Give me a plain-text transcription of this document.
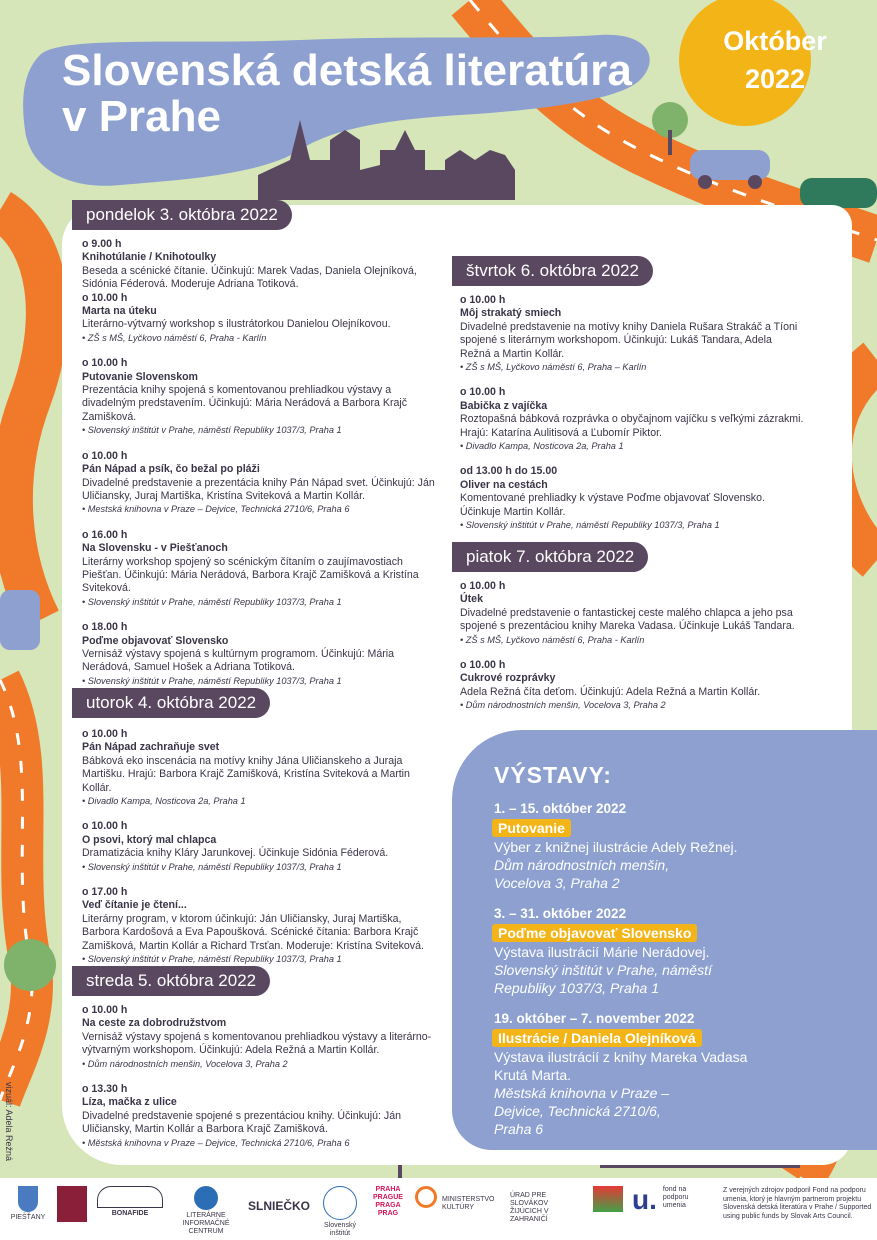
Slovenská detská literatúra
v Prahe
Október
2022
pondelok 3. októbra 2022
o 9.00 h
Knihotúlanie / Knihotoulky
Beseda a scénické čítanie. Účinkujú: Marek Vadas, Daniela Olejníková, Sidónia Féderová. Moderuje Adriana Totiková.
o 10.00 h
Marta na úteku
Literárno-výtvarný workshop s ilustrátorkou Danielou Olejníkovou.
• ZŠ s MŠ, Lyčkovo náměstí 6, Praha - Karlín
o 10.00 h
Putovanie Slovenskom
Prezentácia knihy spojená s komentovanou prehliadkou výstavy a divadelným predstavením. Účinkujú: Mária Nerádová a Barbora Krajč Zamišková.
• Slovenský inštitút v Prahe, náměstí Republiky 1037/3, Praha 1
o 10.00 h
Pán Nápad a psík, čo bežal po pláži
Divadelné predstavenie a prezentácia knihy Pán Nápad svet. Účinkujú: Ján Uličiansky, Juraj Martiška, Kristína Sviteková a Martin Kollár.
• Mestská knihovna v Praze – Dejvice, Technická 2710/6, Praha 6
o 16.00 h
Na Slovensku - v Piešťanoch
Literárny workshop spojený so scénickým čítaním o zaujímavostiach Piešťan. Účinkujú: Mária Nerádová, Barbora Krajč Zamišková a Kristína Sviteková.
• Slovenský inštitút v Prahe, náměstí Republiky 1037/3, Praha 1
o 18.00 h
Poďme objavovať Slovensko
Vernisáž výstavy spojená s kultúrnym programom. Účinkujú: Mária Nerádová, Samuel Hošek a Adriana Totiková.
• Slovenský inštitút v Prahe, náměstí Republiky 1037/3, Praha 1
utorok 4. októbra 2022
o 10.00 h
Pán Nápad zachraňuje svet
Bábková eko inscenácia na motívy knihy Jána Uličianskeho a Juraja Martišku. Hrajú: Barbora Krajč Zamišková, Kristína Sviteková a Martin Kollár.
• Divadlo Kampa, Nosticova 2a, Praha 1
o 10.00 h
O psovi, ktorý mal chlapca
Dramatizácia knihy Kláry Jarunkovej. Účinkuje Sidónia Féderová.
• Slovenský inštitút v Prahe, náměstí Republiky 1037/3, Praha 1
o 17.00 h
Veď čítanie je čtení...
Literárny program, v ktorom účinkujú: Ján Uličiansky, Juraj Martiška, Barbora Kardošová a Eva Papoušková. Scénické čítania: Barbora Krajč Zamišková, Martin Kollár a Richard Trsťan. Moderuje: Kristína Sviteková.
• Slovenský inštitút v Prahe, náměstí Republiky 1037/3, Praha 1
streda 5. októbra 2022
o 10.00 h
Na ceste za dobrodružstvom
Vernisáž výstavy spojená s komentovanou prehliadkou výstavy a literárno-výtvarným workshopom. Účinkujú: Adela Režná a Martin Kollár.
• Dům národnostních menšin, Vocelova 3, Praha 2
o 13.30 h
Líza, mačka z ulice
Divadelné predstavenie spojené s prezentáciou knihy. Účinkujú: Ján Uličiansky, Martin Kollár a Barbora Krajč Zamišková.
• Městská knihovna v Praze – Dejvice, Technická 2710/6, Praha 6
štvrtok 6. októbra 2022
o 10.00 h
Môj strakatý smiech
Divadelné predstavenie na motívy knihy Daniela Rušara Strakáč a Tíoni spojené s literárnym workshopom. Účinkujú: Lukáš Tandara, Adela Režná a Martin Kollár.
• ZŠ s MŠ, Lyčkovo náměstí 6, Praha – Karlín
o 10.00 h
Babička z vajíčka
Roztopašná bábková rozprávka o obyčajnom vajíčku s veľkými zázrakmi. Hrajú: Katarína Aulitisová a Ľubomír Piktor.
• Divadlo Kampa, Nosticova 2a, Praha 1
od 13.00 h do 15.00
Oliver na cestách
Komentované prehliadky k výstave Poďme objavovať Slovensko. Účinkuje Martin Kollár.
• Slovenský inštitút v Prahe, náměstí Republiky 1037/3, Praha 1
piatok 7. októbra 2022
o 10.00 h
Útek
Divadelné predstavenie o fantastickej ceste malého chlapca a jeho psa spojené s prezentáciou knihy Mareka Vadasa. Účinkuje Lukáš Tandara.
• ZŠ s MŠ, Lyčkovo náměstí 6, Praha - Karlín
o 10.00 h
Cukrové rozprávky
Adela Režná číta deťom. Účinkujú: Adela Režná a Martin Kollár.
• Dům národnostních menšin, Vocelova 3, Praha 2
VÝSTAVY:
1. – 15. október 2022
Putovanie
Výber z knižnej ilustrácie Adely Režnej.
Dům národnostních menšin, Vocelova 3, Praha 2
3. – 31. október 2022
Poďme objavovať Slovensko
Výstava ilustrácií Márie Nerádovej.
Slovenský inštitút v Prahe, náměstí Republiky 1037/3, Praha 1
19. október – 7. november 2022
Ilustrácie / Daniela Olejníková
Výstava ilustrácií z knihy Mareka Vadasa Krutá Marta.
Městská knihovna v Praze – Dejvice, Technická 2710/6, Praha 6
vizuál: Adela Režná
PIEŠŤANY
BONAFIDE	LITERÁRNE INFORMAČNÉ CENTRUM
SLNIEČKO
Slovenský inštitút
PRAHA PRAGUE PRAGA PRAG
MINISTERSTVO KULTÚRY
ÚRAD PRE SLOVÁKOV ŽIJÚCICH V ZAHRANIČÍ
u. fond na podporu umenia
Z verejných zdrojov podporil Fond na podporu umenia, ktorý je hlavným partnerom projektu Slovenská detská literatúra v Prahe / Supported using public funds by Slovak Arts Council.
